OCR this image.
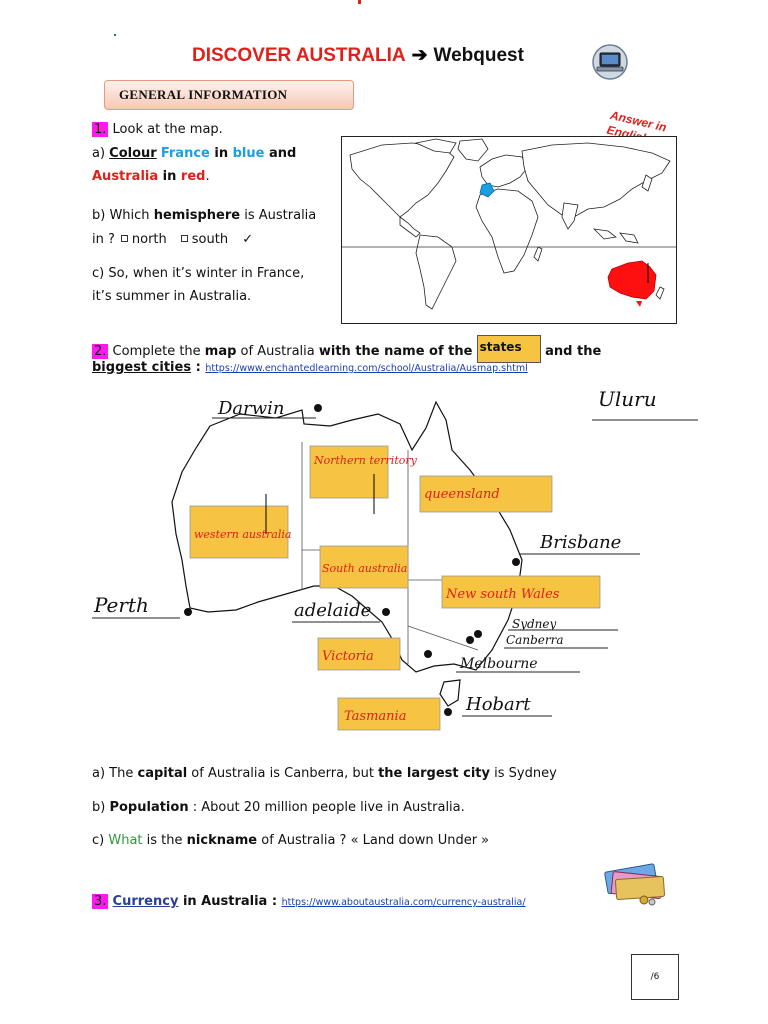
DISCOVER AUSTRALIA ➔ Webquest
GENERAL INFORMATION
Answer in English
1. Look at the map.
a) Colour France in blue and
Australia in red.
b) Which hemisphere is Australia
in ? north south ✓
c) So, when it’s winter in France,
it’s summer in Australia.
2. Complete the map of Australia with the name of the states and the
biggest cities : https://www.enchantedlearning.com/school/Australia/Ausmap.shtml
Uluru
Darwin
Northern territory
queensland
western australia	Brisbane
South australia
New south Wales
Perth	adelaide
Sydney
Canberra
Victoria	Melbourne
Tasmania
Hobart
a) The capital of Australia is Canberra, but the largest city is Sydney
b) Population : About 20 million people live in Australia.
c) What is the nickname of Australia ? « Land down Under »
3. Currency in Australia : https://www.aboutaustralia.com/currency-australia/
/6
